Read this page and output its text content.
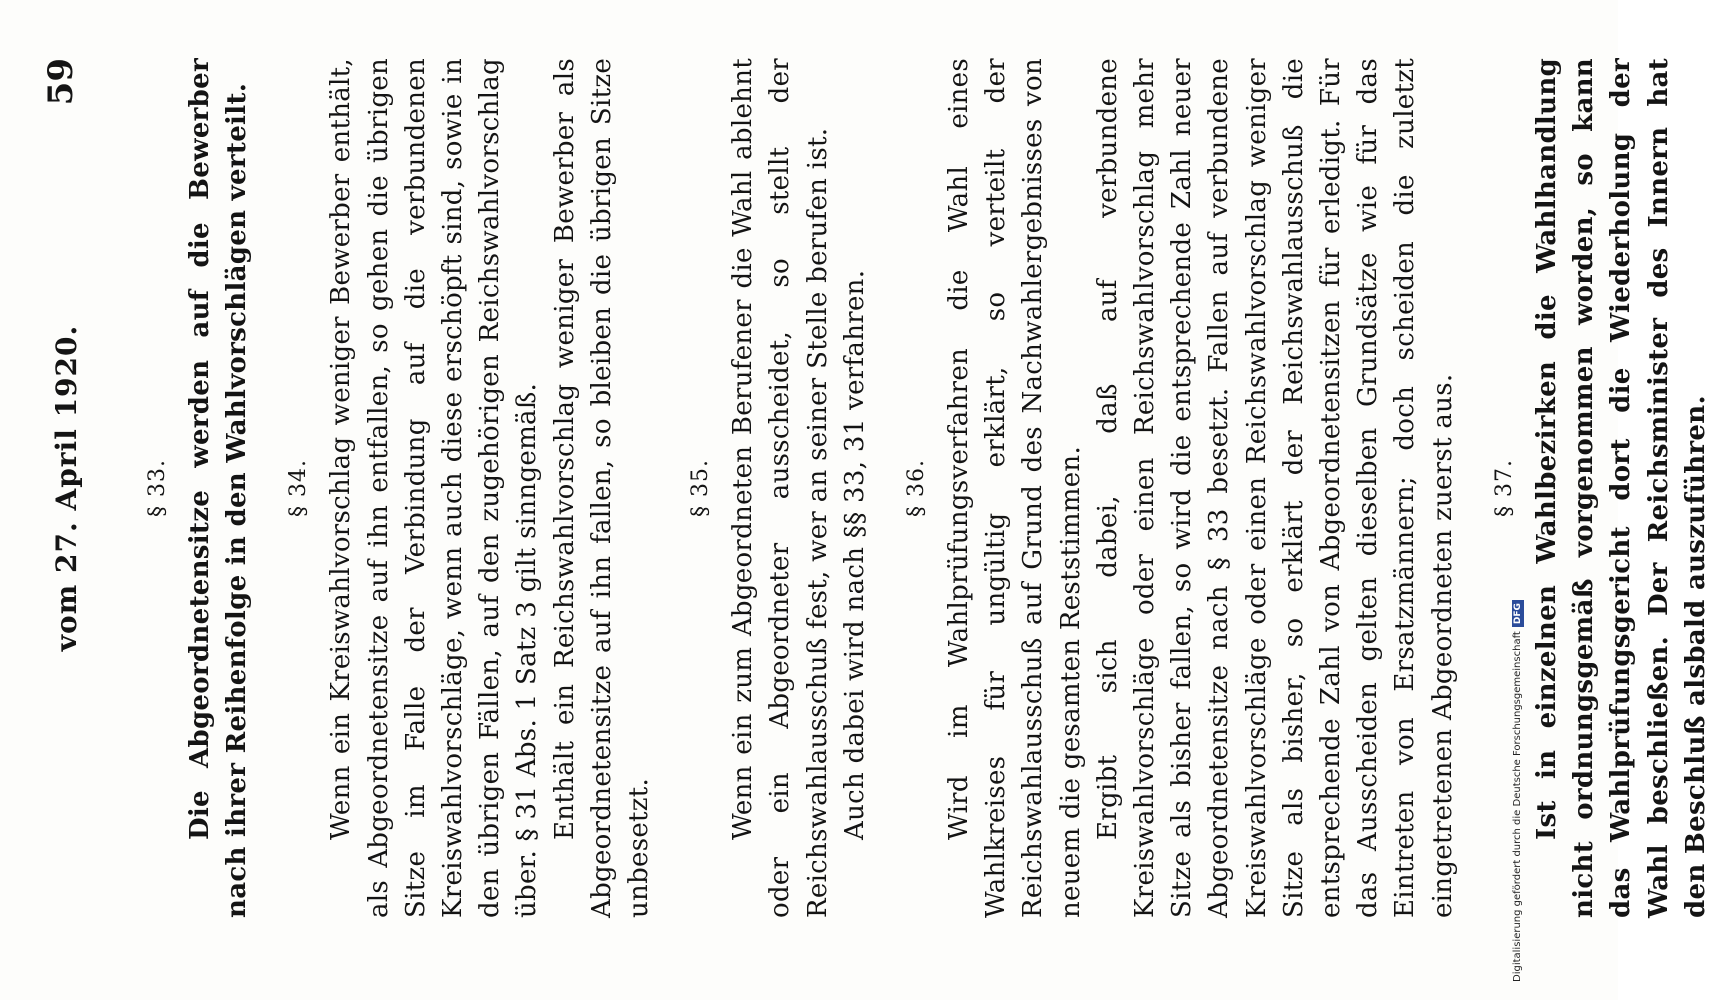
vom 27. April 1920.
59
§ 33. Die Abgeordnetensitze werden auf die Bewerber nach ihrer Reihenfolge in den Wahlvorschlägen verteilt. § 34. Wenn ein Kreiswahlvorschlag weniger Bewerber enthält, als Abgeordnetensitze auf ihn entfallen, so gehen die übrigen Sitze im Falle der Verbindung auf die verbundenen Kreiswahlvorschläge, wenn auch diese erschöpft sind, sowie in den übrigen Fällen, auf den zugehörigen Reichswahlvorschlag über. § 31 Abs. 1 Satz 3 gilt sinngemäß. Enthält ein Reichswahlvorschlag weniger Bewerber als Abgeordnetensitze auf ihn fallen, so bleiben die übrigen Sitze unbesetzt.

§ 35. Wenn ein zum Abgeordneten Berufener die Wahl ablehnt oder ein Abgeordneter ausscheidet, so stellt der Reichswahlausschuß fest, wer an seiner Stelle berufen ist. Auch dabei wird nach §§ 33, 31 verfahren. § 36. Wird im Wahlprüfungsverfahren die Wahl eines Wahlkreises für ungültig erklärt, so verteilt der Reichswahlausschuß auf Grund des Nachwahlergebnisses von neuem die gesamten Reststimmen. Ergibt sich dabei, daß auf verbundene Kreiswahlvorschläge oder einen Reichswahlvorschlag mehr Sitze als bisher fallen, so wird die entsprechende Zahl neuer Abgeordnetensitze nach § 33 besetzt. Fallen auf verbundene Kreiswahlvorschläge oder einen Reichswahlvorschlag weniger Sitze als bisher, so erklärt der Reichswahlausschuß die entsprechende Zahl von Abgeordnetensitzen für erledigt. Für das Ausscheiden gelten dieselben Grundsätze wie für das Eintreten von Ersatzmännern; doch scheiden die zuletzt eingetretenen Abgeordneten zuerst aus. § 37. Ist in einzelnen Wahlbezirken die Wahlhandlung nicht ordnungsgemäß vorgenommen worden, so kann das Wahlprüfungsgericht dort die Wiederholung der Wahl beschließen. Der Reichsminister des Innern hat den Beschluß alsbald auszuführen.

Digitalisierung gefördert durch die Deutsche ForschungsgemeinschaftDFG
